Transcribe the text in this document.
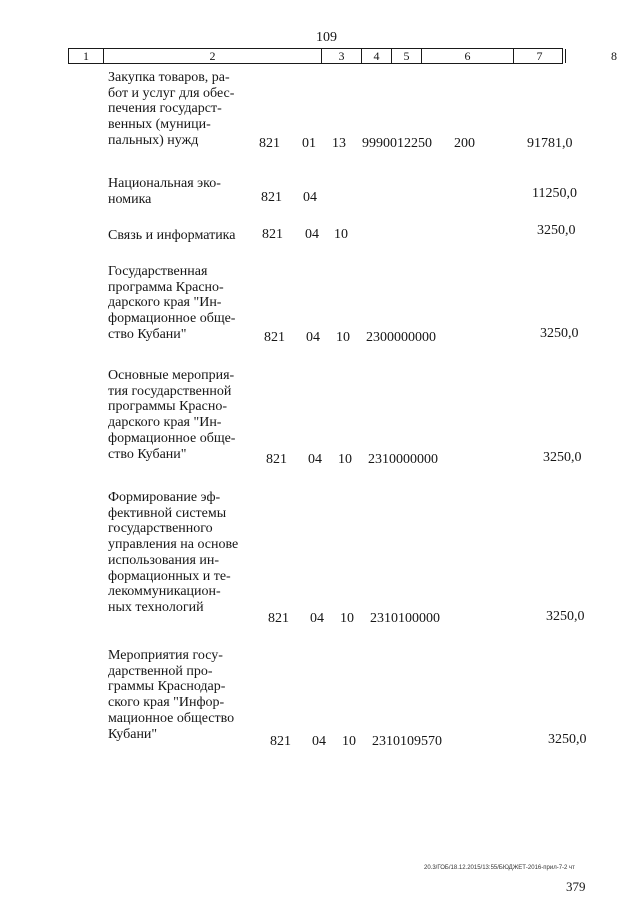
109
1	2	3	4	5	6	7	8
Закупка товаров, ра-
бот и услуг для обес-
печения государст-
венных (муници-
пальных) нужд	821 01 13 9990012250 200	91781,0
Национальная эко-
номика	821 04	11250,0
Связь и информатика	821 04 10	3250,0
Государственная
программа Красно-
дарского края "Ин-
формационное обще-
ство Кубани"	821 04 10 2300000000	3250,0
Основные мероприя-
тия государственной
программы Красно-
дарского края "Ин-
формационное обще-
ство Кубани"	821 04 10 2310000000	3250,0
Формирование эф-
фективной системы
государственного
управления на основе
использования ин-
формационных и те-
лекоммуникацион-
ных технологий
821 04 10 2310100000	3250,0
Мероприятия госу-
дарственной про-
граммы Краснодар-
ского края "Инфор-
мационное общество
Кубани"	821 04 10 2310109570	3250,0
20.3/ГОБ/18.12.2015/13:55/БЮДЖЕТ-2016-прил-7-2 чт
379
